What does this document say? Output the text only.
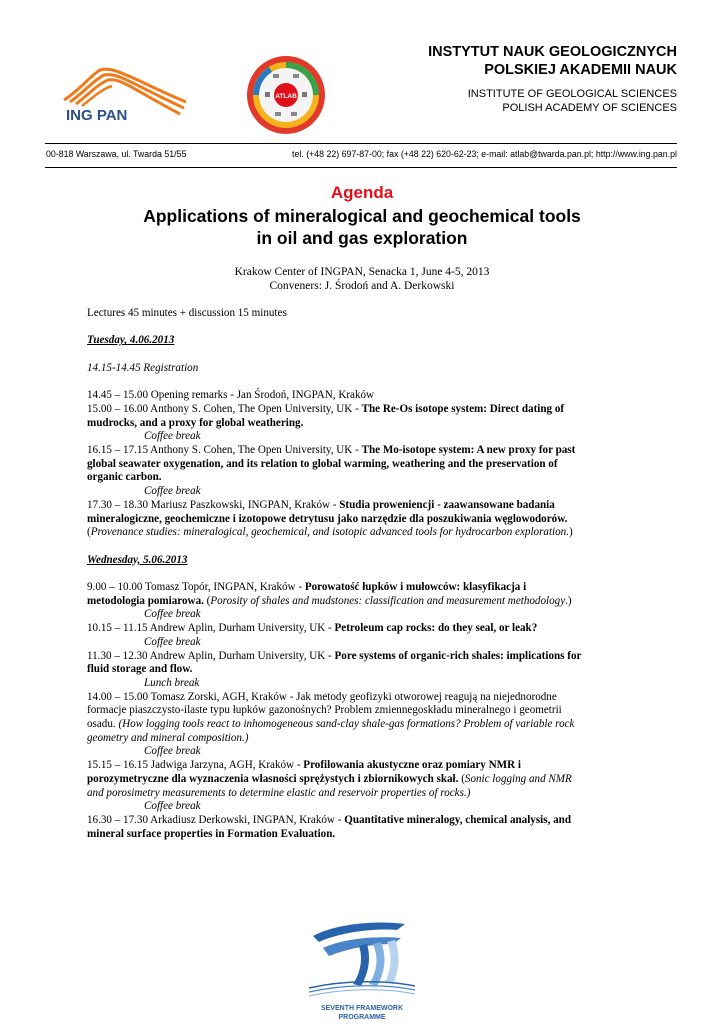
ING PAN
ATLAB
INSTYTUT NAUK GEOLOGICZNYCH
POLSKIEJ AKADEMII NAUK
INSTITUTE OF GEOLOGICAL SCIENCES
POLISH ACADEMY OF SCIENCES
00-818 Warszawa, ul. Twarda 51/55	tel. (+48 22) 697-87-00; fax (+48 22) 620-62-23; e-mail: atlab@twarda.pan.pl; http://www.ing.pan.pl
Agenda
Applications of mineralogical and geochemical tools
in oil and gas exploration
Krakow Center of INGPAN, Senacka 1, June 4-5, 2013
Conveners: J. Środoń and A. Derkowski

Lectures 45 minutes + discussion 15 minutes

Tuesday, 4.06.2013

14.15-14.45 Registration

14.45 – 15.00 Opening remarks - Jan Środoń, INGPAN, Kraków

15.00 – 16.00 Anthony S. Cohen, The Open University, UK - The Re-Os isotope system: Direct dating of

mudrocks, and a proxy for global weathering.

Coffee break

16.15 – 17.15 Anthony S. Cohen, The Open University, UK - The Mo-isotope system: A new proxy for past

global seawater oxygenation, and its relation to global warming, weathering and the preservation of

organic carbon.

Coffee break

17.30 – 18.30 Mariusz Paszkowski, INGPAN, Kraków - Studia proweniencji - zaawansowane badania

mineralogiczne, geochemiczne i izotopowe detrytusu jako narzędzie dla poszukiwania węglowodorów.

(Provenance studies: mineralogical, geochemical, and isotopic advanced tools for hydrocarbon exploration.)

Wednesday, 5.06.2013

9.00 – 10.00 Tomasz Topór, INGPAN, Kraków - Porowatość łupków i mułowców: klasyfikacja i

metodologia pomiarowa. (Porosity of shales and mudstones: classification and measurement methodology.)

Coffee break

10.15 – 11.15 Andrew Aplin, Durham University, UK - Petroleum cap rocks: do they seal, or leak?

Coffee break

11.30 – 12.30 Andrew Aplin, Durham University, UK - Pore systems of organic-rich shales: implications for

fluid storage and flow.

Lunch break

14.00 – 15.00 Tomasz Zorski, AGH, Kraków - Jak metody geofizyki otworowej reagują na niejednorodne

formacje piaszczysto-ilaste typu łupków gazonośnych? Problem zmiennegoskładu mineralnego i geometrii

osadu. (How logging tools react to inhomogeneous sand-clay shale-gas formations? Problem of variable rock

geometry and mineral composition.)

Coffee break

15.15 – 16.15 Jadwiga Jarzyna, AGH, Kraków - Profilowania akustyczne oraz pomiary NMR i

porozymetryczne dla wyznaczenia własności sprężystych i zbiornikowych skał. (Sonic logging and NMR

and porosimetry measurements to determine elastic and reservoir properties of rocks.)

Coffee break

16.30 – 17.30 Arkadiusz Derkowski, INGPAN, Kraków - Quantitative mineralogy, chemical analysis, and

mineral surface properties in Formation Evaluation.

SEVENTH FRAMEWORK
PROGRAMME
